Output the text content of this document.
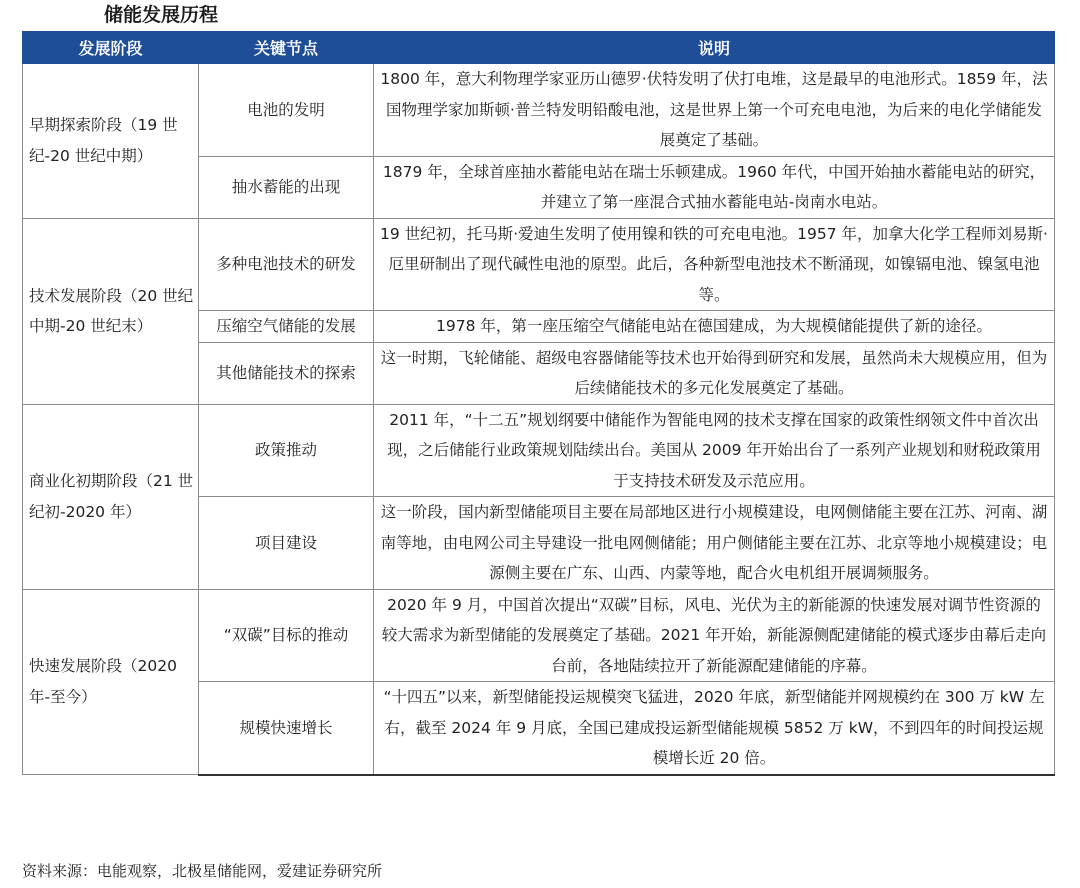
储能发展历程
发展阶段	关键节点	说明
早期探索阶段（19 世纪-20 世纪中期）	电池的发明	1800 年，意大利物理学家亚历山德罗·伏特发明了伏打电堆，这是最早的电池形式。1859 年，法国物理学家加斯顿·普兰特发明铅酸电池，这是世界上第一个可充电电池，为后来的电化学储能发展奠定了基础。
	抽水蓄能的出现	1879 年，全球首座抽水蓄能电站在瑞士乐顿建成。1960 年代，中国开始抽水蓄能电站的研究，并建立了第一座混合式抽水蓄能电站-岗南水电站。
技术发展阶段（20 世纪中期-20 世纪末）	多种电池技术的研发	19 世纪初，托马斯·爱迪生发明了使用镍和铁的可充电电池。1957 年，加拿大化学工程师刘易斯·厄里研制出了现代碱性电池的原型。此后，各种新型电池技术不断涌现，如镍镉电池、镍氢电池等。
	压缩空气储能的发展	1978 年，第一座压缩空气储能电站在德国建成，为大规模储能提供了新的途径。
	其他储能技术的探索	这一时期，飞轮储能、超级电容器储能等技术也开始得到研究和发展，虽然尚未大规模应用，但为后续储能技术的多元化发展奠定了基础。
商业化初期阶段（21 世纪初-2020 年）	政策推动	2011 年，“十二五”规划纲要中储能作为智能电网的技术支撑在国家的政策性纲领文件中首次出现，之后储能行业政策规划陆续出台。美国从 2009 年开始出台了一系列产业规划和财税政策用于支持技术研发及示范应用。
	项目建设	这一阶段，国内新型储能项目主要在局部地区进行小规模建设，电网侧储能主要在江苏、河南、湖南等地，由电网公司主导建设一批电网侧储能；用户侧储能主要在江苏、北京等地小规模建设；电源侧主要在广东、山西、内蒙等地，配合火电机组开展调频服务。
快速发展阶段（2020 年-至今）	“双碳”目标的推动	2020 年 9 月，中国首次提出“双碳”目标，风电、光伏为主的新能源的快速发展对调节性资源的较大需求为新型储能的发展奠定了基础。2021 年开始，新能源侧配建储能的模式逐步由幕后走向台前，各地陆续拉开了新能源配建储能的序幕。
	规模快速增长	“十四五”以来，新型储能投运规模突飞猛进，2020 年底，新型储能并网规模约在 300 万 kW 左右，截至 2024 年 9 月底，全国已建成投运新型储能规模 5852 万 kW，不到四年的时间投运规模增长近 20 倍。
资料来源：电能观察，北极星储能网，爱建证券研究所
